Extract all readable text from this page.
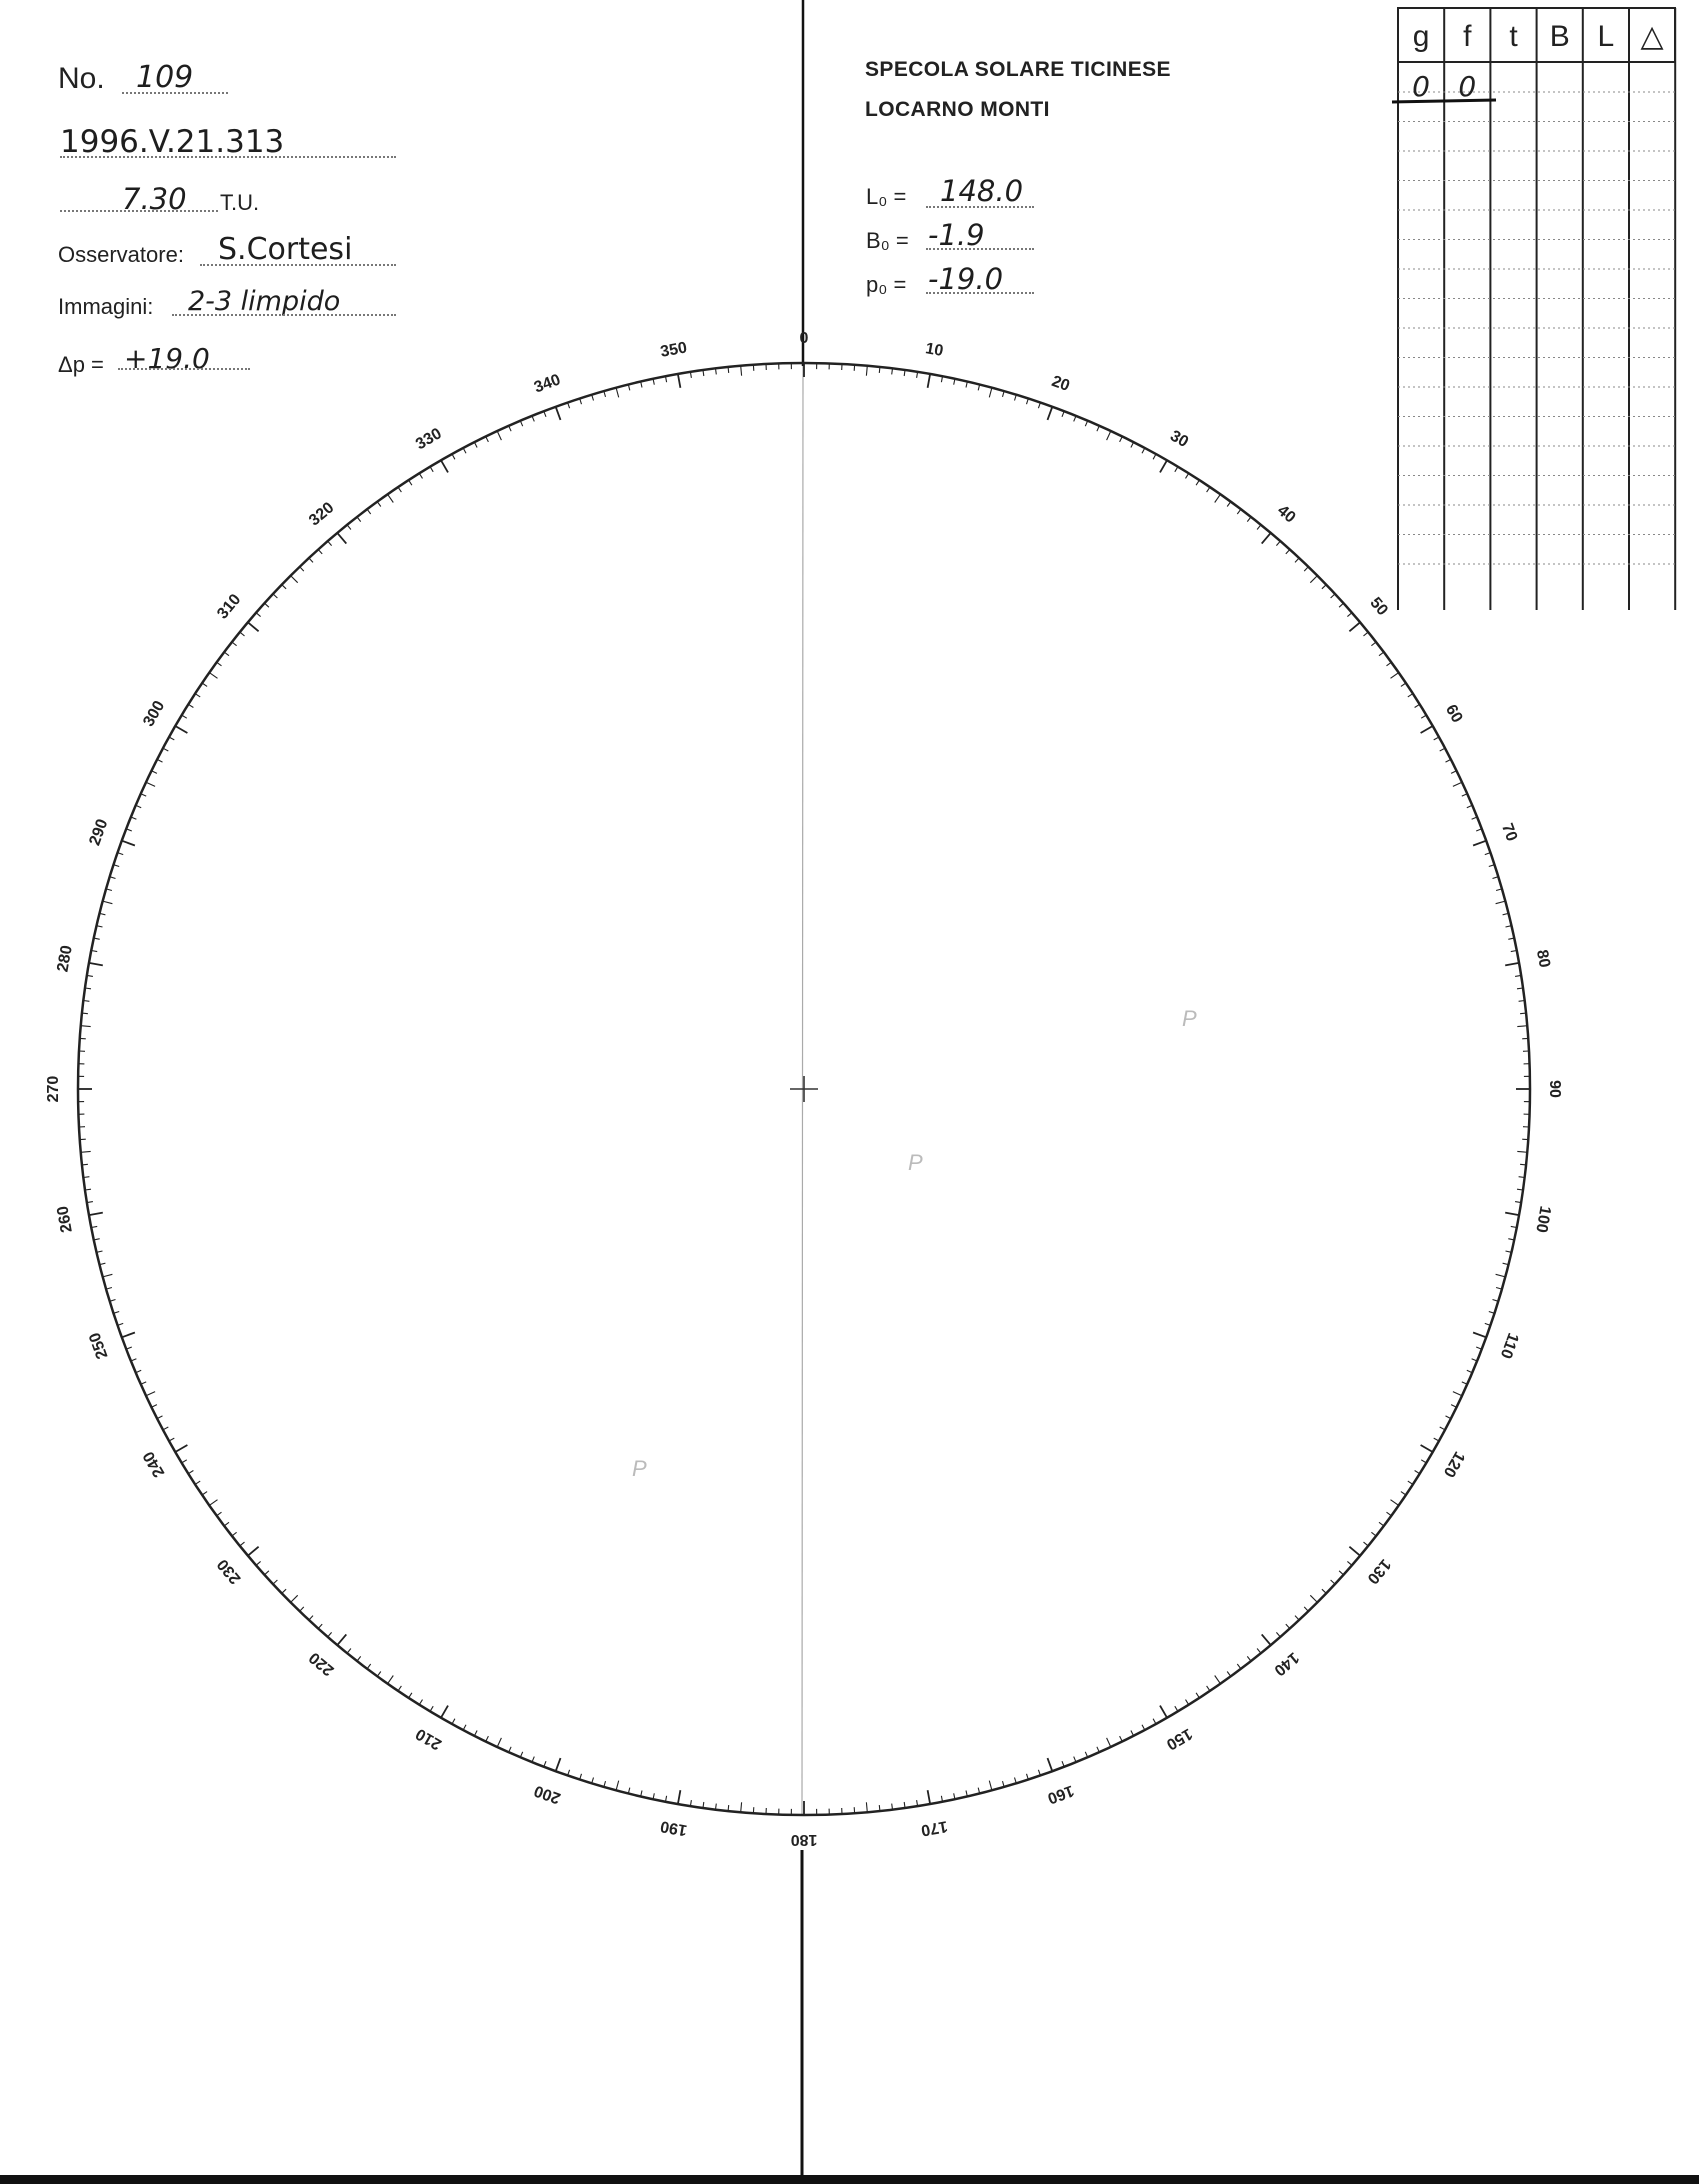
No. 109
1996.V.21.313
7.30 T.U.
Osservatore: S.Cortesi
Immagini: 2-3 limpido
Δp = +19.0
SPECOLA SOLARE TICINESE
LOCARNO MONTI
L₀ = 148.0
B₀ = -1.9
p₀ = -19.0
0
10
20
30
40
50
60
70
80
90
100
110
120
130
140
150
160
170
180
190
200
210
220
230
240
250
260
270
280
290
300
310
320
330
340
350
P
P
P
g f t B L △
0 0
